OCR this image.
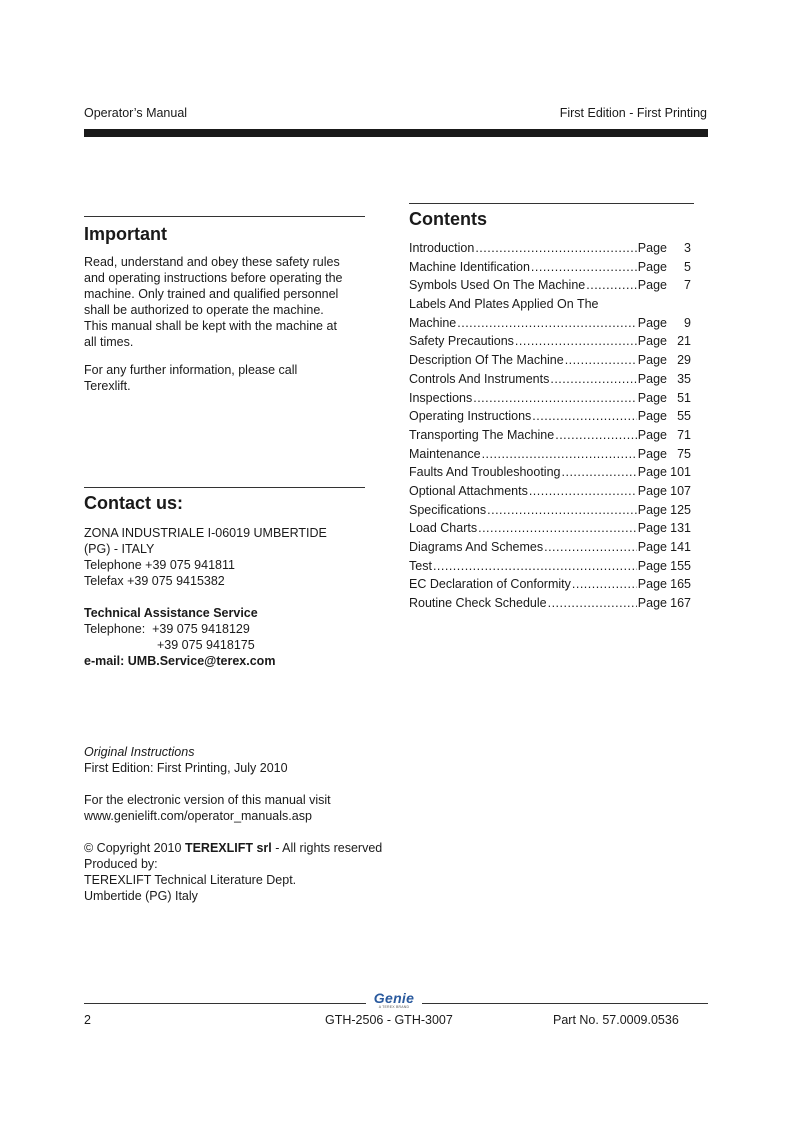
Operator’s Manual	First Edition - First Printing
Important

Read, understand and obey these safety rules

and operating instructions before operating the

machine. Only trained and qualified personnel

shall be authorized to operate the machine.

This manual shall be kept with the machine at

all times.

For any further information, please call

Terexlift.

Contact us:

ZONA INDUSTRIALE I-06019 UMBERTIDE

(PG) - ITALY

Telephone +39 075 941811

Telefax +39 075 9415382

Technical Assistance Service

Telephone: +39 075 9418129

+39 075 9418175

e-mail: UMB.Service@terex.com

Original Instructions

First Edition: First Printing, July 2010

For the electronic version of this manual visit

www.genielift.com/operator_manuals.asp

© Copyright 2010 TEREXLIFT srl - All rights reserved

Produced by:

TEREXLIFT Technical Literature Dept.

Umbertide (PG) Italy

Contents
Introduction .....	Page	3
Machine Identification .....	Page	5
Symbols Used On The Machine .....	Page	7
Labels And Plates Applied On The
Machine .....	Page	9
Safety Precautions .....	Page 21
Description Of The Machine .....	Page 29
Controls And Instruments .....	Page 35
Inspections .....	Page 51
Operating Instructions .....	Page 55
Transporting The Machine .....	Page 71
Maintenance .....	Page 75
Faults And Troubleshooting .....	Page 101
Optional Attachments .....	Page 107
Specifications .....	Page 125
Load Charts .....	Page 131
Diagrams And Schemes .....	Page 141
Test .....	Page 155
EC Declaration of Conformity .....	Page 165
Routine Check Schedule .....	Page 167
Genie
A TEREX BRAND
2	GTH-2506 - GTH-3007	Part No. 57.0009.0536
